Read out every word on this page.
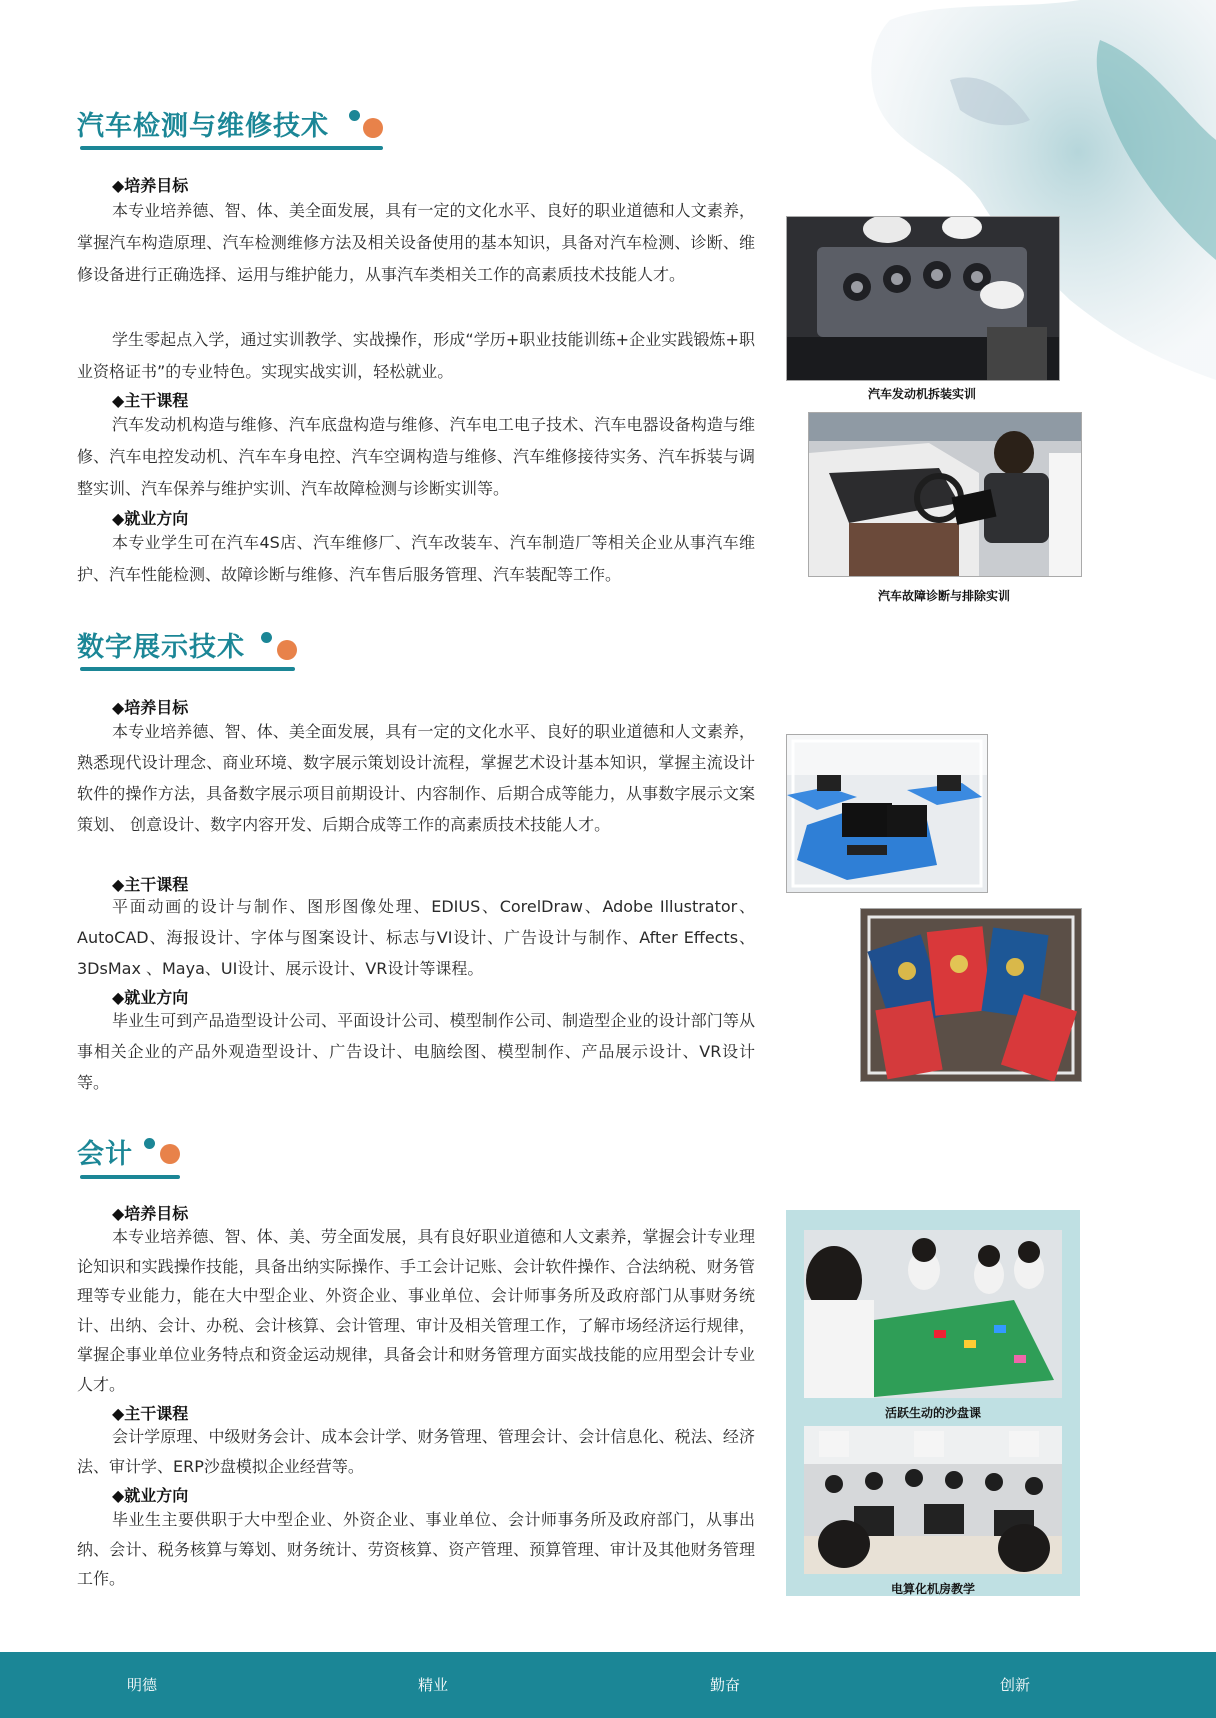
汽车检测与维修技术
◆培养目标

本专业培养德、智、体、美全面发展，具有一定的文化水平、良好的职业道德和人文素养，掌握汽车构造原理、汽车检测维修方法及相关设备使用的基本知识，具备对汽车检测、诊断、维修设备进行正确选择、运用与维护能力，从事汽车类相关工作的高素质技术技能人才。

学生零起点入学，通过实训教学、实战操作，形成“学历+职业技能训练+企业实践锻炼+职业资格证书”的专业特色。实现实战实训，轻松就业。

◆主干课程

汽车发动机构造与维修、汽车底盘构造与维修、汽车电工电子技术、汽车电器设备构造与维修、汽车电控发动机、汽车车身电控、汽车空调构造与维修、汽车维修接待实务、汽车拆装与调整实训、汽车保养与维护实训、汽车故障检测与诊断实训等。

◆就业方向

本专业学生可在汽车4S店、汽车维修厂、汽车改装车、汽车制造厂等相关企业从事汽车维护、汽车性能检测、故障诊断与维修、汽车售后服务管理、汽车装配等工作。

汽车发动机拆装实训
汽车故障诊断与排除实训
数字展示技术
◆培养目标

本专业培养德、智、体、美全面发展，具有一定的文化水平、良好的职业道德和人文素养，熟悉现代设计理念、商业环境、数字展示策划设计流程，掌握艺术设计基本知识，掌握主流设计软件的操作方法，具备数字展示项目前期设计、内容制作、后期合成等能力，从事数字展示文案策划、 创意设计、数字内容开发、后期合成等工作的高素质技术技能人才。

◆主干课程

平面动画的设计与制作、图形图像处理、EDIUS、CorelDraw、Adobe Illustrator、AutoCAD、海报设计、字体与图案设计、标志与VI设计、广告设计与制作、After Effects、3DsMax 、Maya、UI设计、展示设计、VR设计等课程。

◆就业方向

毕业生可到产品造型设计公司、平面设计公司、模型制作公司、制造型企业的设计部门等从事相关企业的产品外观造型设计、广告设计、电脑绘图、模型制作、产品展示设计、VR设计等。

会计
◆培养目标

本专业培养德、智、体、美、劳全面发展，具有良好职业道德和人文素养，掌握会计专业理论知识和实践操作技能，具备出纳实际操作、手工会计记账、会计软件操作、合法纳税、财务管理等专业能力，能在大中型企业、外资企业、事业单位、会计师事务所及政府部门从事财务统计、出纳、会计、办税、会计核算、会计管理、审计及相关管理工作，了解市场经济运行规律，掌握企事业单位业务特点和资金运动规律，具备会计和财务管理方面实战技能的应用型会计专业人才。

◆主干课程

会计学原理、中级财务会计、成本会计学、财务管理、管理会计、会计信息化、税法、经济法、审计学、ERP沙盘模拟企业经营等。

◆就业方向

毕业生主要供职于大中型企业、外资企业、事业单位、会计师事务所及政府部门，从事出纳、会计、税务核算与筹划、财务统计、劳资核算、资产管理、预算管理、审计及其他财务管理工作。

活跃生动的沙盘课
电算化机房教学
明德	精业	勤奋	创新
